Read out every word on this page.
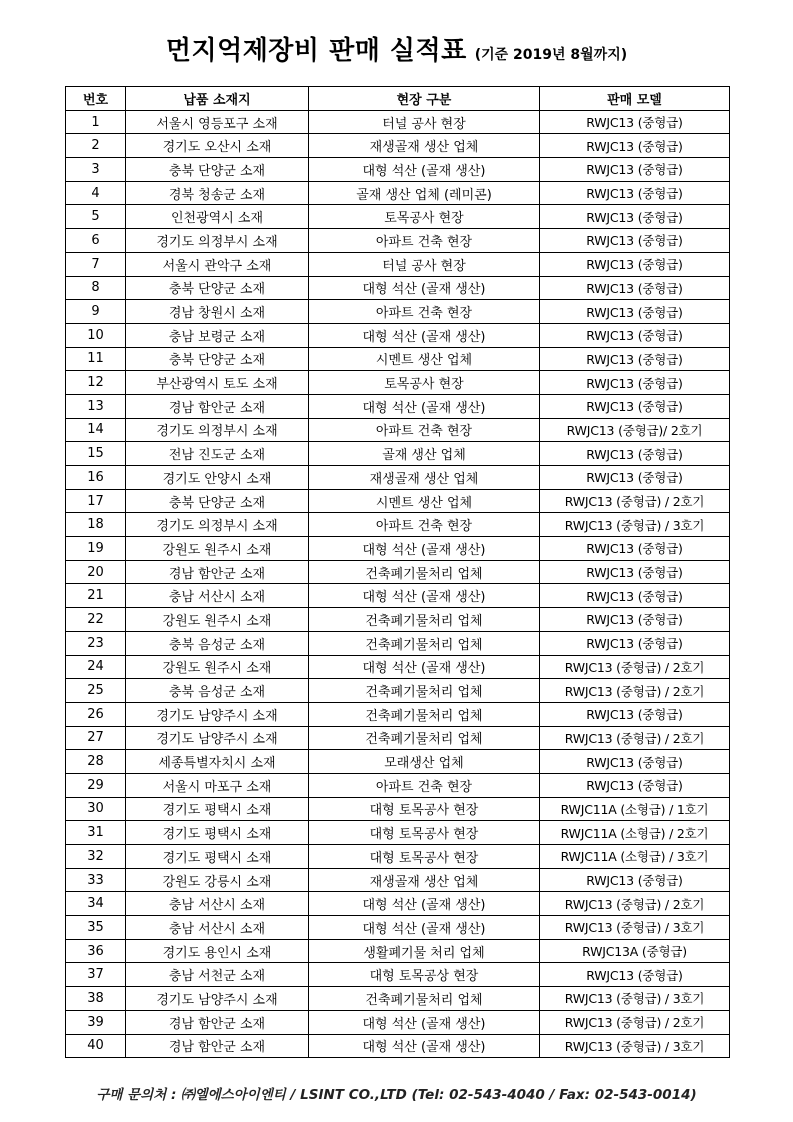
먼지억제장비 판매 실적표 (기준 2019년 8월까지)
번호	납품 소재지	현장 구분	판매 모델
1	서울시 영등포구 소재	터널 공사 현장	RWJC13 (중형급)
2	경기도 오산시 소재	재생골재 생산 업체	RWJC13 (중형급)
3	충북 단양군 소재	대형 석산 (골재 생산)	RWJC13 (중형급)
4	경북 청송군 소재	골재 생산 업체 (레미콘)	RWJC13 (중형급)
5	인천광역시 소재	토목공사 현장	RWJC13 (중형급)
6	경기도 의정부시 소재	아파트 건축 현장	RWJC13 (중형급)
7	서울시 관악구 소재	터널 공사 현장	RWJC13 (중형급)
8	충북 단양군 소재	대형 석산 (골재 생산)	RWJC13 (중형급)
9	경남 창원시 소재	아파트 건축 현장	RWJC13 (중형급)
10	충남 보령군 소재	대형 석산 (골재 생산)	RWJC13 (중형급)
11	충북 단양군 소재	시멘트 생산 업체	RWJC13 (중형급)
12	부산광역시 토도 소재	토목공사 현장	RWJC13 (중형급)
13	경남 함안군 소재	대형 석산 (골재 생산)	RWJC13 (중형급)
14	경기도 의정부시 소재	아파트 건축 현장	RWJC13 (중형급)/ 2호기
15	전남 진도군 소재	골재 생산 업체	RWJC13 (중형급)
16	경기도 안양시 소재	재생골재 생산 업체	RWJC13 (중형급)
17	충북 단양군 소재	시멘트 생산 업체	RWJC13 (중형급) / 2호기
18	경기도 의정부시 소재	아파트 건축 현장	RWJC13 (중형급) / 3호기
19	강원도 원주시 소재	대형 석산 (골재 생산)	RWJC13 (중형급)
20	경남 함안군 소재	건축폐기물처리 업체	RWJC13 (중형급)
21	충남 서산시 소재	대형 석산 (골재 생산)	RWJC13 (중형급)
22	강원도 원주시 소재	건축폐기물처리 업체	RWJC13 (중형급)
23	충북 음성군 소재	건축폐기물처리 업체	RWJC13 (중형급)
24	강원도 원주시 소재	대형 석산 (골재 생산)	RWJC13 (중형급) / 2호기
25	충북 음성군 소재	건축폐기물처리 업체	RWJC13 (중형급) / 2호기
26	경기도 남양주시 소재	건축폐기물처리 업체	RWJC13 (중형급)
27	경기도 남양주시 소재	건축폐기물처리 업체	RWJC13 (중형급) / 2호기
28	세종특별자치시 소재	모래생산 업체	RWJC13 (중형급)
29	서울시 마포구 소재	아파트 건축 현장	RWJC13 (중형급)
30	경기도 평택시 소재	대형 토목공사 현장	RWJC11A (소형급) / 1호기
31	경기도 평택시 소재	대형 토목공사 현장	RWJC11A (소형급) / 2호기
32	경기도 평택시 소재	대형 토목공사 현장	RWJC11A (소형급) / 3호기
33	강원도 강릉시 소재	재생골재 생산 업체	RWJC13 (중형급)
34	충남 서산시 소재	대형 석산 (골재 생산)	RWJC13 (중형급) / 2호기
35	충남 서산시 소재	대형 석산 (골재 생산)	RWJC13 (중형급) / 3호기
36	경기도 용인시 소재	생활폐기물 처리 업체	RWJC13A (중형급)
37	충남 서천군 소재	대형 토목공상 현장	RWJC13 (중형급)
38	경기도 남양주시 소재	건축폐기물처리 업체	RWJC13 (중형급) / 3호기
39	경남 함안군 소재	대형 석산 (골재 생산)	RWJC13 (중형급) / 2호기
40	경남 함안군 소재	대형 석산 (골재 생산)	RWJC13 (중형급) / 3호기
구매 문의처 : ㈜엘에스아이엔티 / LSINT CO.,LTD (Tel: 02-543-4040 / Fax: 02-543-0014)
